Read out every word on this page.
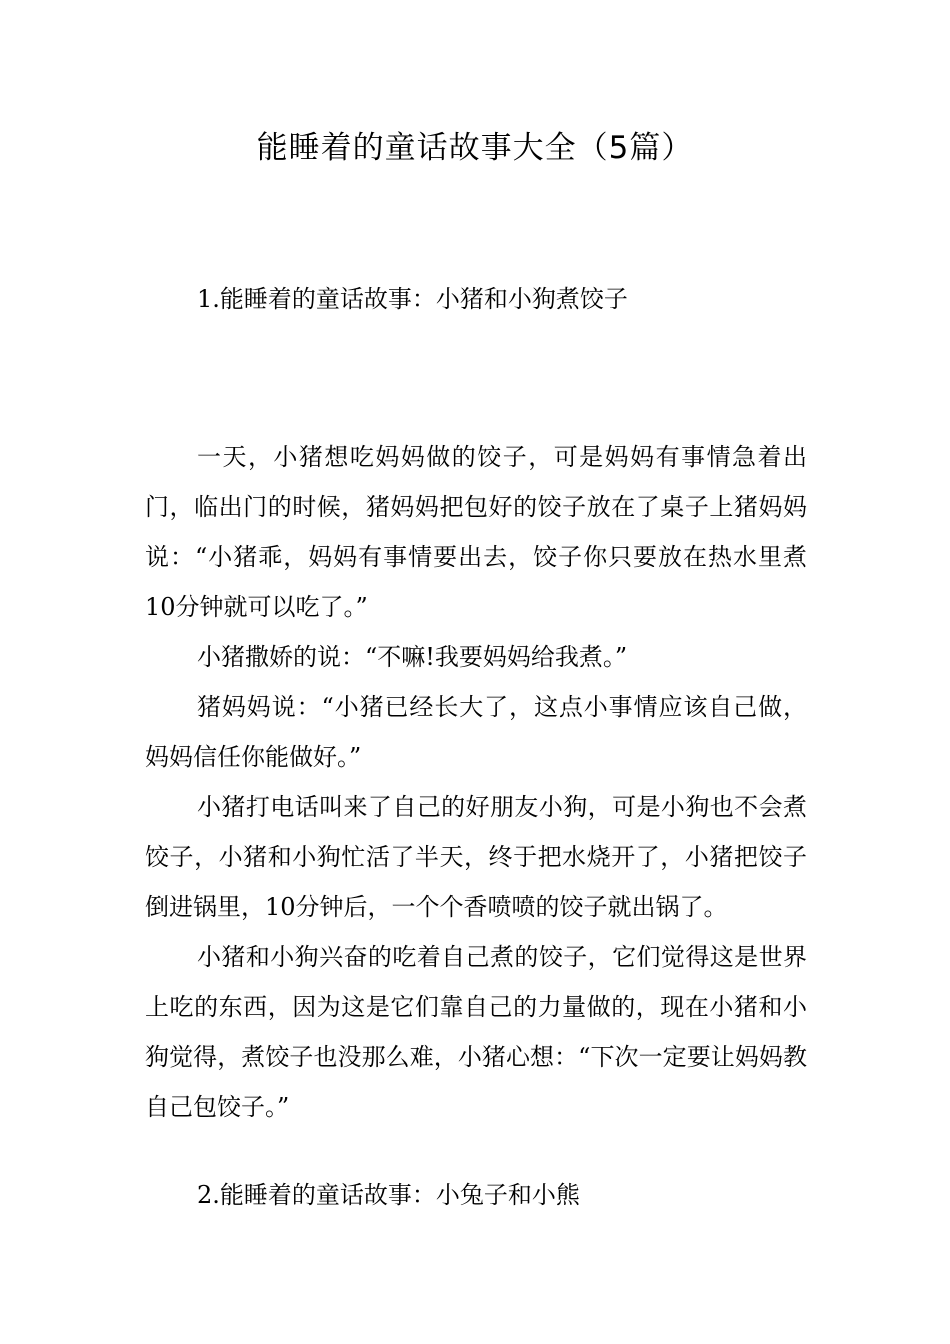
能睡着的童话故事大全（5篇）
1.能睡着的童话故事：小猪和小狗煮饺子

一天，小猪想吃妈妈做的饺子，可是妈妈有事情急着出门，临出门的时候，猪妈妈把包好的饺子放在了桌子上猪妈妈说：“小猪乖，妈妈有事情要出去，饺子你只要放在热水里煮10分钟就可以吃了。”

小猪撒娇的说：“不嘛!我要妈妈给我煮。”

猪妈妈说：“小猪已经长大了，这点小事情应该自己做，妈妈信任你能做好。”

小猪打电话叫来了自己的好朋友小狗，可是小狗也不会煮饺子，小猪和小狗忙活了半天，终于把水烧开了，小猪把饺子倒进锅里，10分钟后，一个个香喷喷的饺子就出锅了。

小猪和小狗兴奋的吃着自己煮的饺子，它们觉得这是世界上吃的东西，因为这是它们靠自己的力量做的，现在小猪和小狗觉得，煮饺子也没那么难，小猪心想：“下次一定要让妈妈教自己包饺子。”

2.能睡着的童话故事：小兔子和小熊
